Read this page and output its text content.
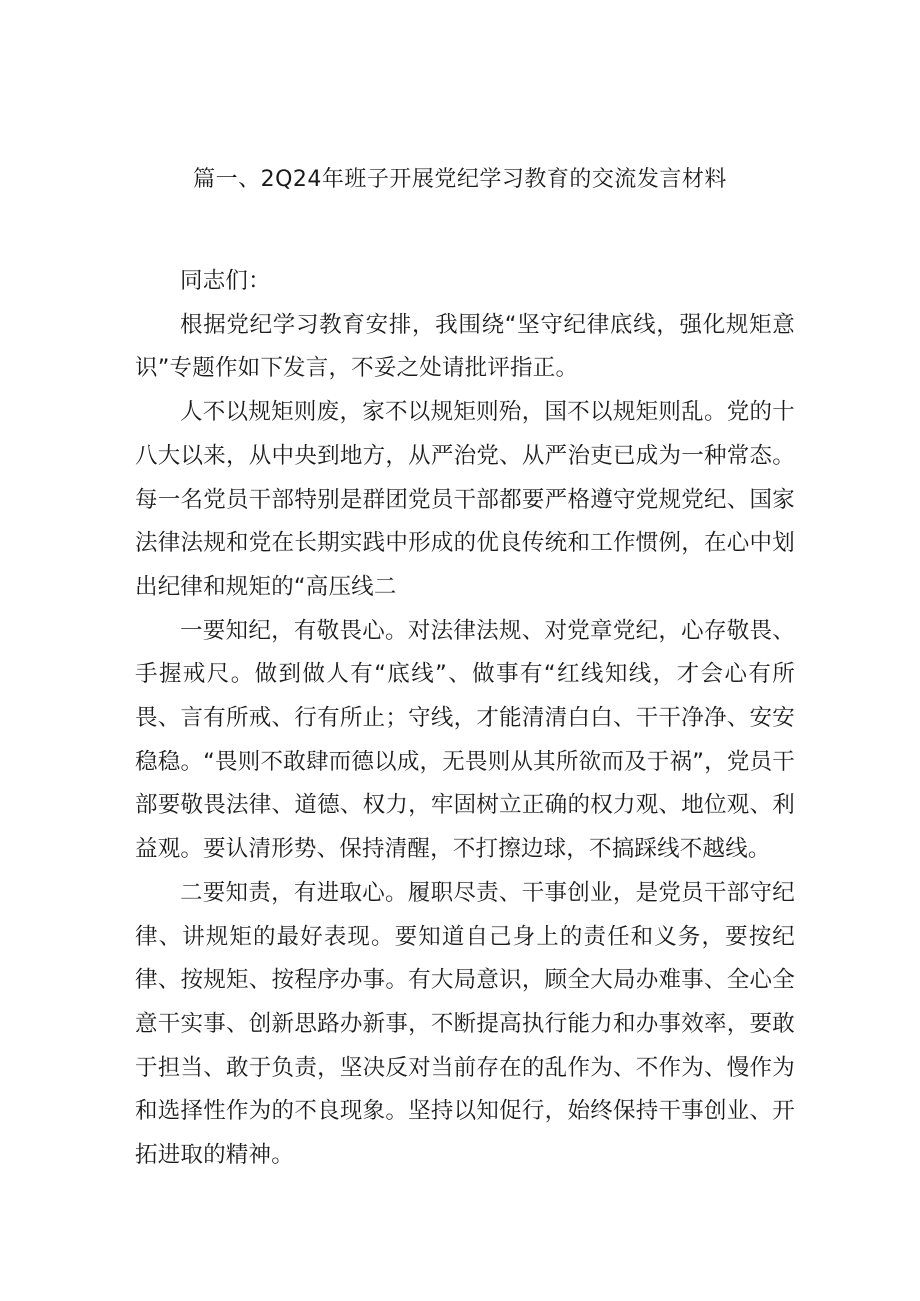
篇一、2Q24年班子开展党纪学习教育的交流发言材料

同志们：

根据党纪学习教育安排，我围绕“坚守纪律底线，强化规矩意识”专题作如下发言，不妥之处请批评指正。

人不以规矩则废，家不以规矩则殆，国不以规矩则乱。党的十八大以来，从中央到地方，从严治党、从严治吏已成为一种常态。每一名党员干部特别是群团党员干部都要严格遵守党规党纪、国家法律法规和党在长期实践中形成的优良传统和工作惯例，在心中划出纪律和规矩的“高压线二

一要知纪，有敬畏心。对法律法规、对党章党纪，心存敬畏、手握戒尺。做到做人有“底线”、做事有“红线知线，才会心有所畏、言有所戒、行有所止；守线，才能清清白白、干干净净、安安稳稳。“畏则不敢肆而德以成，无畏则从其所欲而及于祸”，党员干部要敬畏法律、道德、权力，牢固树立正确的权力观、地位观、利益观。要认清形势、保持清醒，不打擦边球，不搞踩线不越线。

二要知责，有进取心。履职尽责、干事创业，是党员干部守纪律、讲规矩的最好表现。要知道自己身上的责任和义务，要按纪律、按规矩、按程序办事。有大局意识，顾全大局办难事、全心全意干实事、创新思路办新事，不断提高执行能力和办事效率，要敢于担当、敢于负责，坚决反对当前存在的乱作为、不作为、慢作为和选择性作为的不良现象。坚持以知促行，始终保持干事创业、开拓进取的精神。
